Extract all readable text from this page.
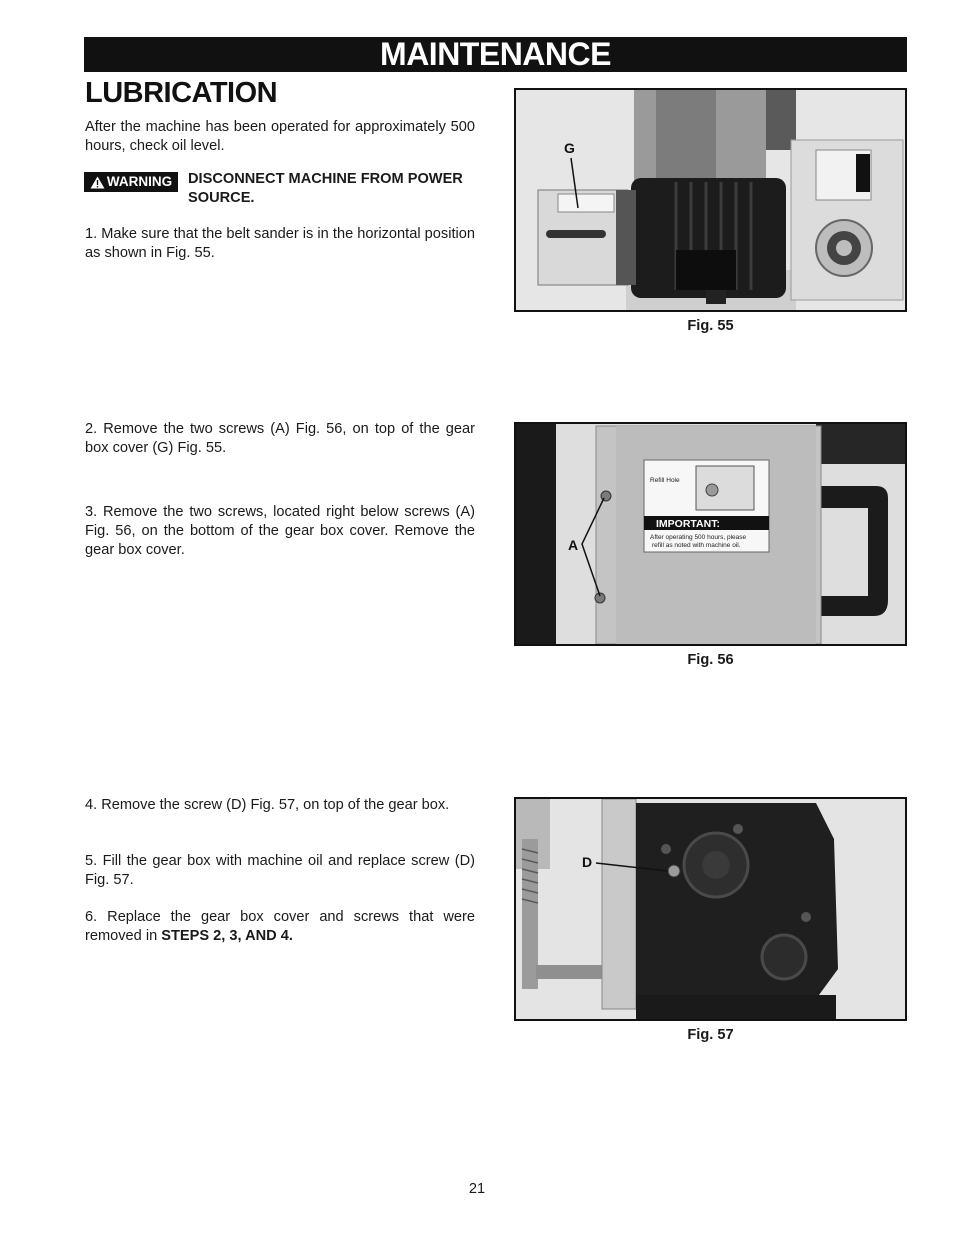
MAINTENANCE
LUBRICATION

After the machine has been operated for approximately 500 hours, check oil level.

WARNING DISCONNECT MACHINE FROM POWER SOURCE.

1. Make sure that the belt sander is in the horizontal position as shown in Fig. 55.

2. Remove the two screws (A) Fig. 56, on top of the gear box cover (G) Fig. 55.

3. Remove the two screws, located right below screws (A) Fig. 56, on the bottom of the gear box cover. Remove the gear box cover.

4. Remove the screw (D) Fig. 57, on top of the gear box.

5. Fill the gear box with machine oil and replace screw (D) Fig. 57.

6. Replace the gear box cover and screws that were removed in STEPS 2, 3, AND 4.

G
Fig. 55
Refill Hole
IMPORTANT:
After operating 500 hours, please
refill as noted with machine oil.
A
Fig. 56
D
Fig. 57
21
